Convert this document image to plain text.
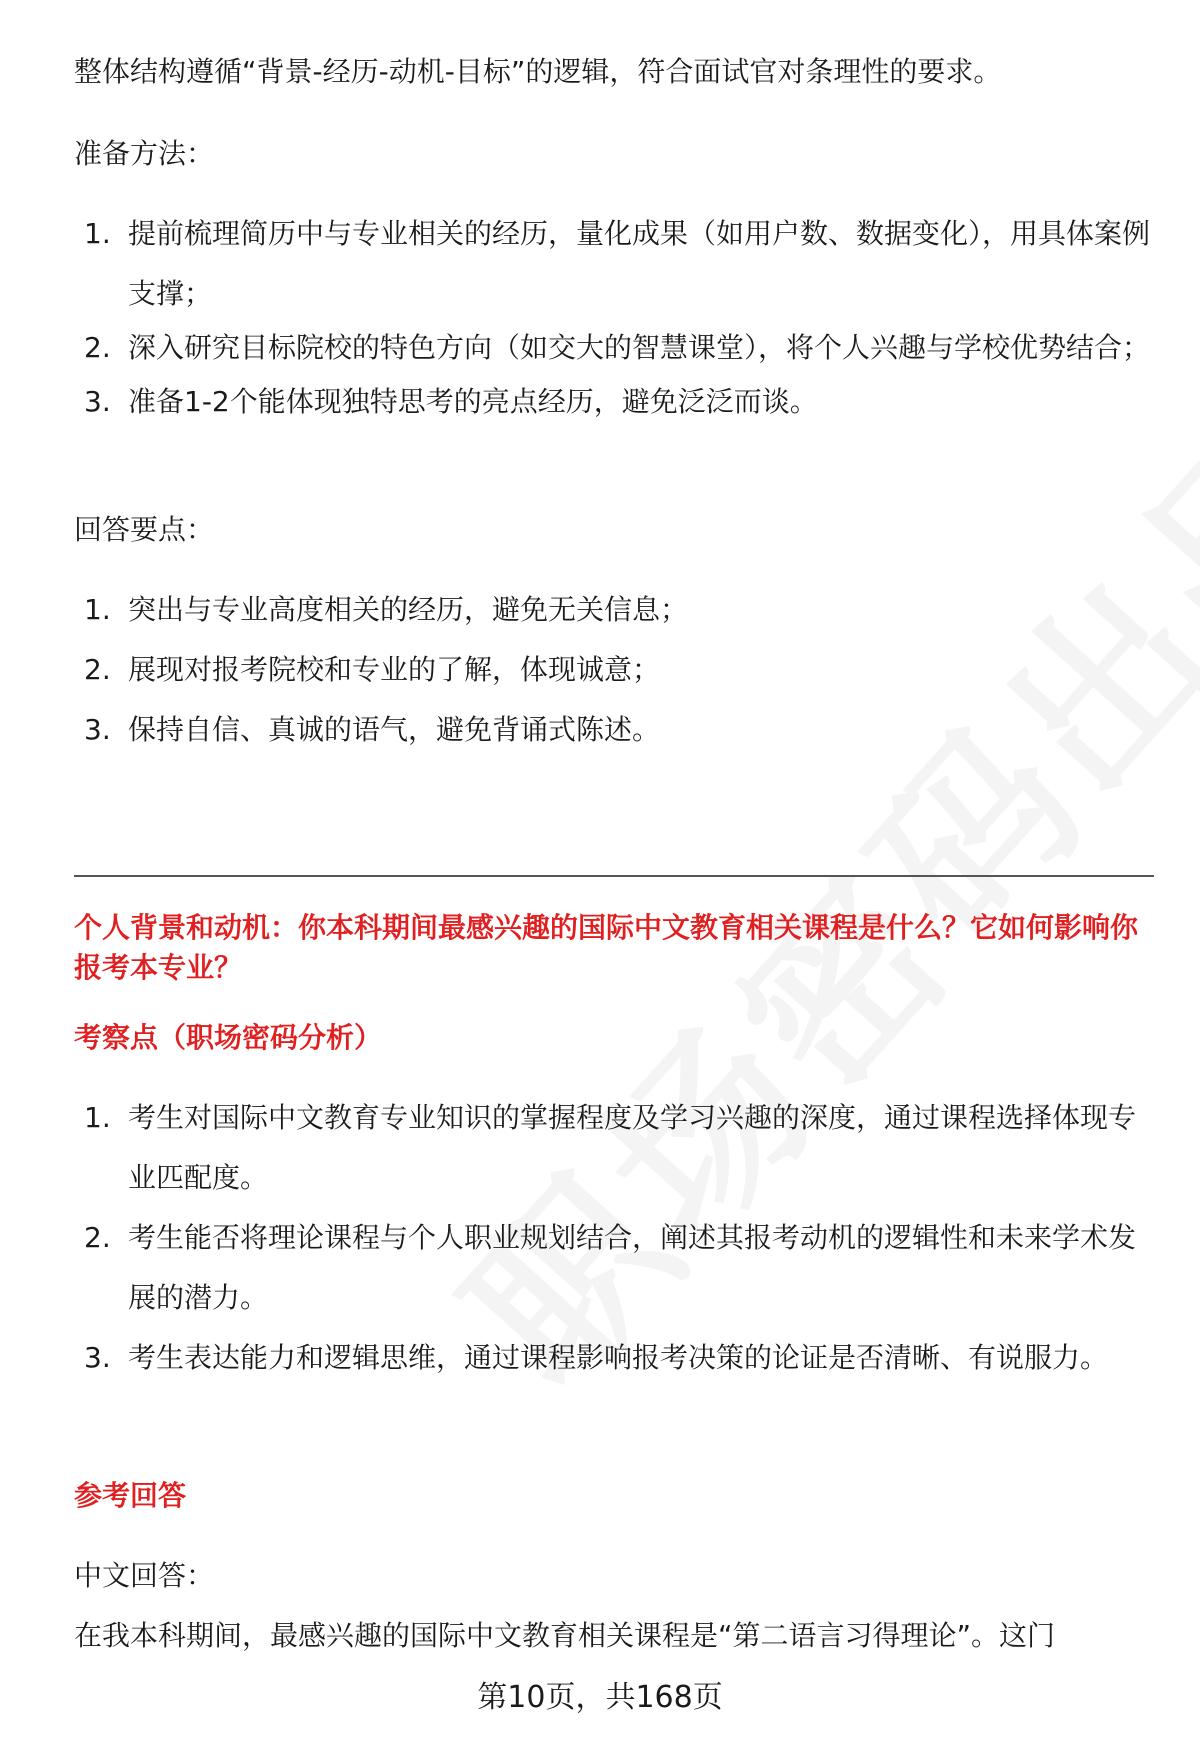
整体结构遵循“背景-经历-动机-目标”的逻辑，符合面试官对条理性的要求。
准备方法：
1. 提前梳理简历中与专业相关的经历，量化成果（如用户数、数据变化），用具体案例支撑；
2. 深入研究目标院校的特色方向（如交大的智慧课堂），将个人兴趣与学校优势结合；
3. 准备1-2个能体现独特思考的亮点经历，避免泛泛而谈。
回答要点：
1. 突出与专业高度相关的经历，避免无关信息；
2. 展现对报考院校和专业的了解，体现诚意；
3. 保持自信、真诚的语气，避免背诵式陈述。
个人背景和动机：你本科期间最感兴趣的国际中文教育相关课程是什么？它如何影响你报考本专业？
考察点（职场密码分析）
1. 考生对国际中文教育专业知识的掌握程度及学习兴趣的深度，通过课程选择体现专业匹配度。
2. 考生能否将理论课程与个人职业规划结合，阐述其报考动机的逻辑性和未来学术发展的潜力。
3. 考生表达能力和逻辑思维，通过课程影响报考决策的论证是否清晰、有说服力。
参考回答
中文回答：
在我本科期间，最感兴趣的国际中文教育相关课程是“第二语言习得理论”。这门
第10页，共168页
